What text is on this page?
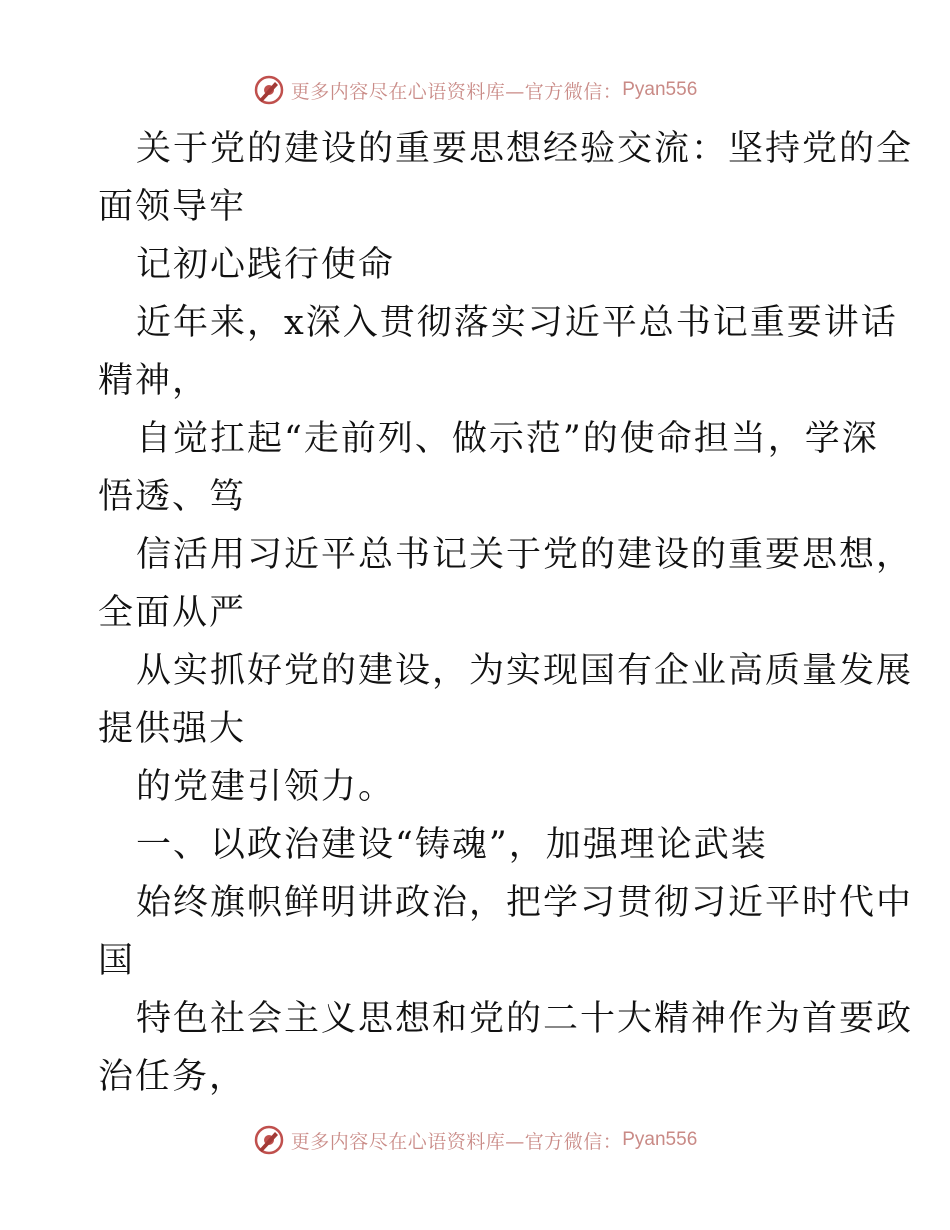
更多内容尽在心语资料库—官方微信： Pyan556
关于党的建设的重要思想经验交流：坚持党的全
面领导牢
记初心践行使命
近年来，x深入贯彻落实习近平总书记重要讲话
精神，
自觉扛起“走前列、做示范”的使命担当，学深
悟透、笃
信活用习近平总书记关于党的建设的重要思想，
全面从严
从实抓好党的建设，为实现国有企业高质量发展
提供强大
的党建引领力。
一、以政治建设“铸魂”，加强理论武装
始终旗帜鲜明讲政治，把学习贯彻习近平时代中
国
特色社会主义思想和党的二十大精神作为首要政
治任务，
更多内容尽在心语资料库—官方微信： Pyan556
